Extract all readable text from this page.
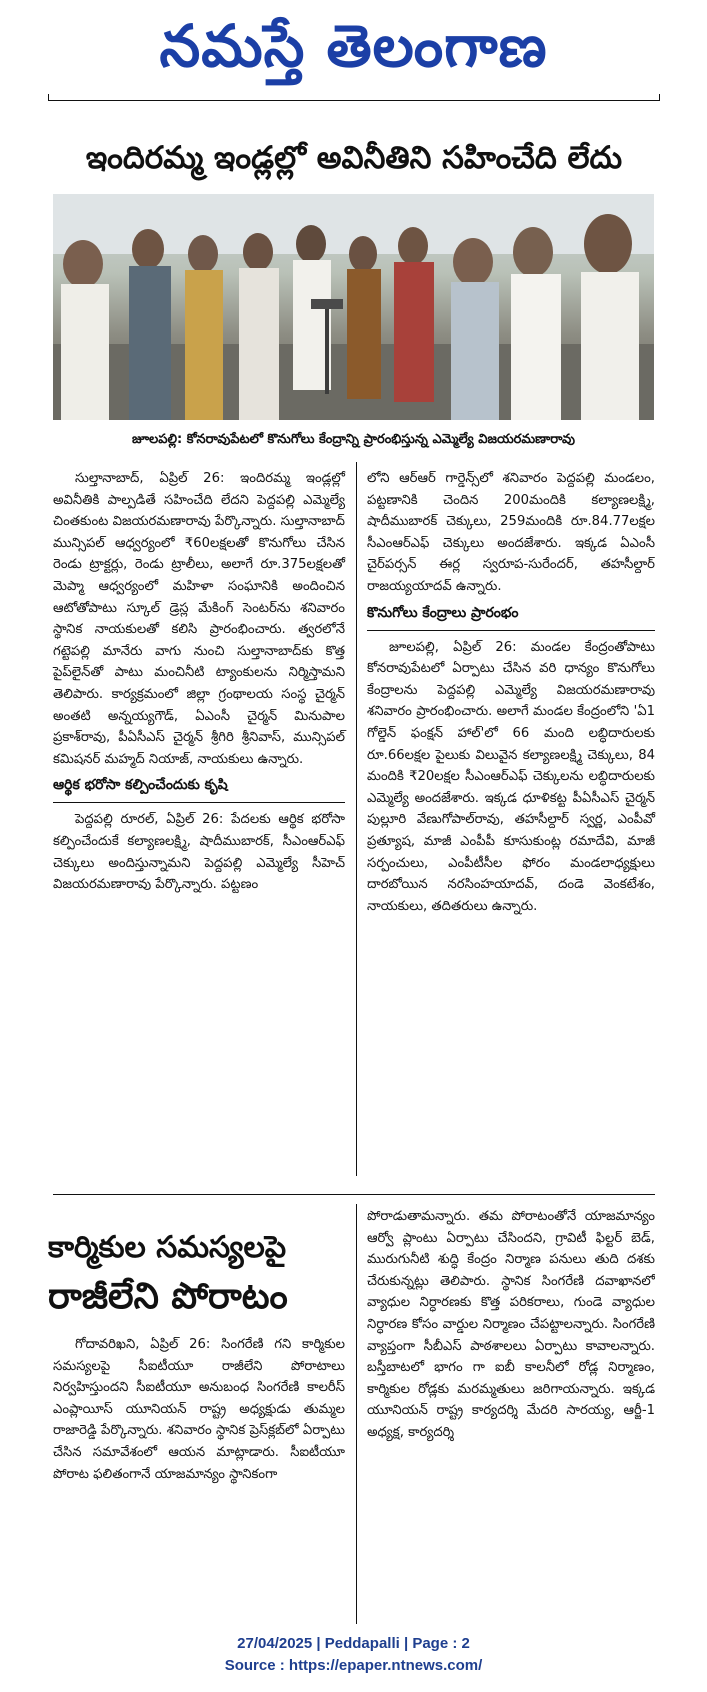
నమస్తే తెలంగాణ
ఇందిరమ్మ ఇండ్లల్లో అవినీతిని సహించేది లేదు
జూలపల్లి: కోనరావుపేటలో కొనుగోలు కేంద్రాన్ని ప్రారంభిస్తున్న ఎమ్మెల్యే విజయరమణారావు

సుల్తానాబాద్, ఏప్రిల్ 26: ఇందిరమ్మ ఇండ్లల్లో అవినీతికి పాల్పడితే సహించేది లేదని పెద్దపల్లి ఎమ్మెల్యే చింతకుంట విజయరమణారావు పేర్కొన్నారు. సుల్తానాబాద్ మున్సిపల్ ఆధ్వర్యంలో ₹60లక్షలతో కొనుగోలు చేసిన రెండు ట్రాక్టర్లు, రెండు ట్రాలీలు, అలాగే రూ.375లక్షలతో మెప్మా ఆధ్వర్యంలో మహిళా సంఘానికి అందించిన ఆటోతోపాటు స్కూల్ డ్రెస్ల మేకింగ్ సెంటర్‌ను శనివారం స్థానిక నాయకులతో కలిసి ప్రారంభించారు. త్వరలోనే గట్టెపల్లి మానేరు వాగు నుంచి సుల్తానాబాద్‌కు కొత్త పైప్‌లైన్‌తో పాటు మంచినీటి ట్యాంకులను నిర్మిస్తామని తెలిపారు. కార్యక్రమంలో జిల్లా గ్రంథాలయ సంస్థ చైర్మన్ అంతటి అన్నయ్యగౌడ్, ఏఎంసీ చైర్మన్ మినుపాల ప్రకాశ్‌రావు, పీఏసీఎస్ చైర్మన్ శ్రీగిరి శ్రీనివాస్, మున్సిపల్ కమిషనర్ మహ్మద్ నియాజ్, నాయకులు ఉన్నారు.

ఆర్థిక భరోసా కల్పించేందుకు కృషి

పెద్దపల్లి రూరల్, ఏప్రిల్ 26: పేదలకు ఆర్థిక భరోసా కల్పించేందుకే కల్యాణలక్ష్మి, షాదీముబారక్, సీఎంఆర్‌ఎఫ్ చెక్కులు అందిస్తున్నామని పెద్దపల్లి ఎమ్మెల్యే సీహెచ్ విజయరమణారావు పేర్కొన్నారు. పట్టణం

లోని ఆర్‌ఆర్ గార్డెన్స్‌లో శనివారం పెద్దపల్లి మండలం, పట్టణానికి చెందిన 200మందికి కల్యాణలక్ష్మి, షాదీముబారక్ చెక్కులు, 259మందికి రూ.84.77లక్షల సీఎంఆర్‌ఎఫ్ చెక్కులు అందజేశారు. ఇక్కడ ఏఎంసీ చైర్‌పర్సన్ ఈర్ల స్వరూప-సురేందర్, తహసీల్దార్ రాజయ్యయాదవ్ ఉన్నారు.

కొనుగోలు కేంద్రాలు ప్రారంభం

జూలపల్లి, ఏప్రిల్ 26: మండల కేంద్రంతోపాటు కోనరావుపేటలో ఏర్పాటు చేసిన వరి ధాన్యం కొనుగోలు కేంద్రాలను పెద్దపల్లి ఎమ్మెల్యే విజయరమణారావు శనివారం ప్రారంభించారు. అలాగే మండల కేంద్రంలోని 'ఏ1 గోల్డెన్ ఫంక్షన్ హాల్'లో 66 మంది లబ్ధిదారులకు రూ.66లక్షల పైలుకు విలువైన కల్యాణలక్ష్మి చెక్కులు, 84 మందికి ₹20లక్షల సీఎంఆర్‌ఎఫ్ చెక్కులను లబ్ధిదారులకు ఎమ్మెల్యే అందజేశారు. ఇక్కడ ధూళికట్ట పీఏసీఎస్ చైర్మన్ పుల్లూరి వేణుగోపాల్‌రావు, తహసీల్దార్ స్వర్ణ, ఎంపీవో ప్రత్యూష, మాజీ ఎంపీపీ కూసుకుంట్ల రమాదేవి, మాజీ సర్పంచులు, ఎంపీటీసీల ఫోరం మండలాధ్యక్షులు దారబోయిన నరసింహయాదవ్, దండె వెంకటేశం, నాయకులు, తదితరులు ఉన్నారు.

కార్మికుల సమస్యలపై
రాజీలేని పోరాటం

గోదావరిఖని, ఏప్రిల్ 26: సింగరేణి గని కార్మికుల సమస్యలపై సీఐటీయూ రాజీలేని పోరాటాలు నిర్వహిస్తుందని సీఐటీయూ అనుబంధ సింగరేణి కాలరీస్ ఎంప్లాయీస్ యూనియన్ రాష్ట్ర అధ్యక్షుడు తుమ్మల రాజారెడ్డి పేర్కొన్నారు. శనివారం స్థానిక ప్రెస్‌క్లబ్‌లో ఏర్పాటు చేసిన సమావేశంలో ఆయన మాట్లాడారు. సీఐటీయూ పోరాట ఫలితంగానే యాజమాన్యం స్థానికంగా

పోరాడుతామన్నారు. తమ పోరాటంతోనే యాజమాన్యం ఆర్వో ప్లాంటు ఏర్పాటు చేసిందని, గ్రావిటీ ఫిల్టర్ బెడ్, మురుగునీటి శుద్ధి కేంద్రం నిర్మాణ పనులు తుది దశకు చేరుకున్నట్లు తెలిపారు. స్థానిక సింగరేణి దవాఖానలో వ్యాధుల నిర్ధారణకు కొత్త పరికరాలు, గుండె వ్యాధుల నిర్ధారణ కోసం వార్డుల నిర్మాణం చేపట్టాలన్నారు. సింగరేణి వ్యాప్తంగా సీబీఎస్ పాఠశాలలు ఏర్పాటు కావాలన్నారు. బస్తీబాటలో భాగం గా ఐబీ కాలనీలో రోడ్ల నిర్మాణం, కార్మికుల రోడ్లకు మరమ్మతులు జరిగాయన్నారు. ఇక్కడ యూనియన్ రాష్ట్ర కార్యదర్శి మేదరి సారయ్య, ఆర్జీ-1 అధ్యక్ష, కార్యదర్శి

27/04/2025 | Peddapalli | Page : 2
Source : https://epaper.ntnews.com/
